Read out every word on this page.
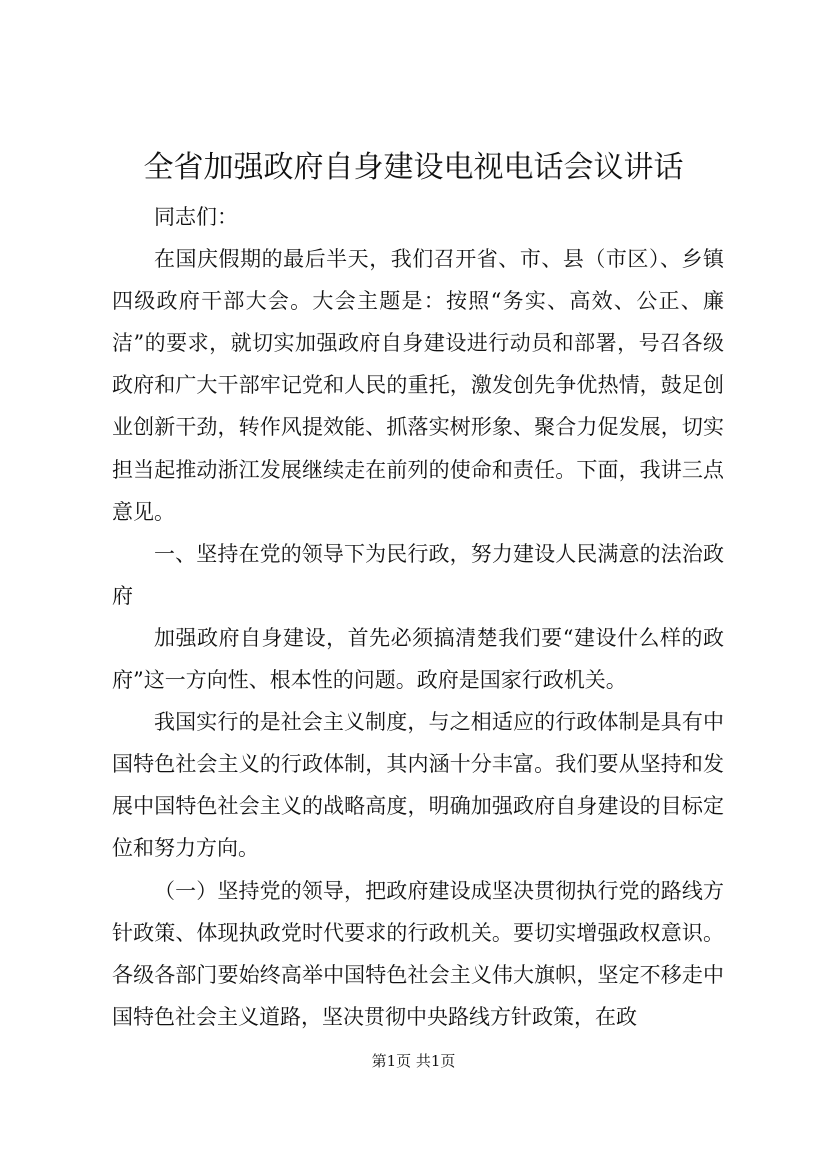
全省加强政府自身建设电视电话会议讲话

同志们：

在国庆假期的最后半天，我们召开省、市、县（市区）、乡镇四级政府干部大会。大会主题是：按照“务实、高效、公正、廉洁”的要求，就切实加强政府自身建设进行动员和部署，号召各级政府和广大干部牢记党和人民的重托，激发创先争优热情，鼓足创业创新干劲，转作风提效能、抓落实树形象、聚合力促发展，切实担当起推动浙江发展继续走在前列的使命和责任。下面，我讲三点意见。

一、坚持在党的领导下为民行政，努力建设人民满意的法治政府

加强政府自身建设，首先必须搞清楚我们要“建设什么样的政府”这一方向性、根本性的问题。政府是国家行政机关。

我国实行的是社会主义制度，与之相适应的行政体制是具有中国特色社会主义的行政体制，其内涵十分丰富。我们要从坚持和发展中国特色社会主义的战略高度，明确加强政府自身建设的目标定位和努力方向。

（一）坚持党的领导，把政府建设成坚决贯彻执行党的路线方针政策、体现执政党时代要求的行政机关。要切实增强政权意识。各级各部门要始终高举中国特色社会主义伟大旗帜，坚定不移走中国特色社会主义道路，坚决贯彻中央路线方针政策，在政

第1页 共1页
